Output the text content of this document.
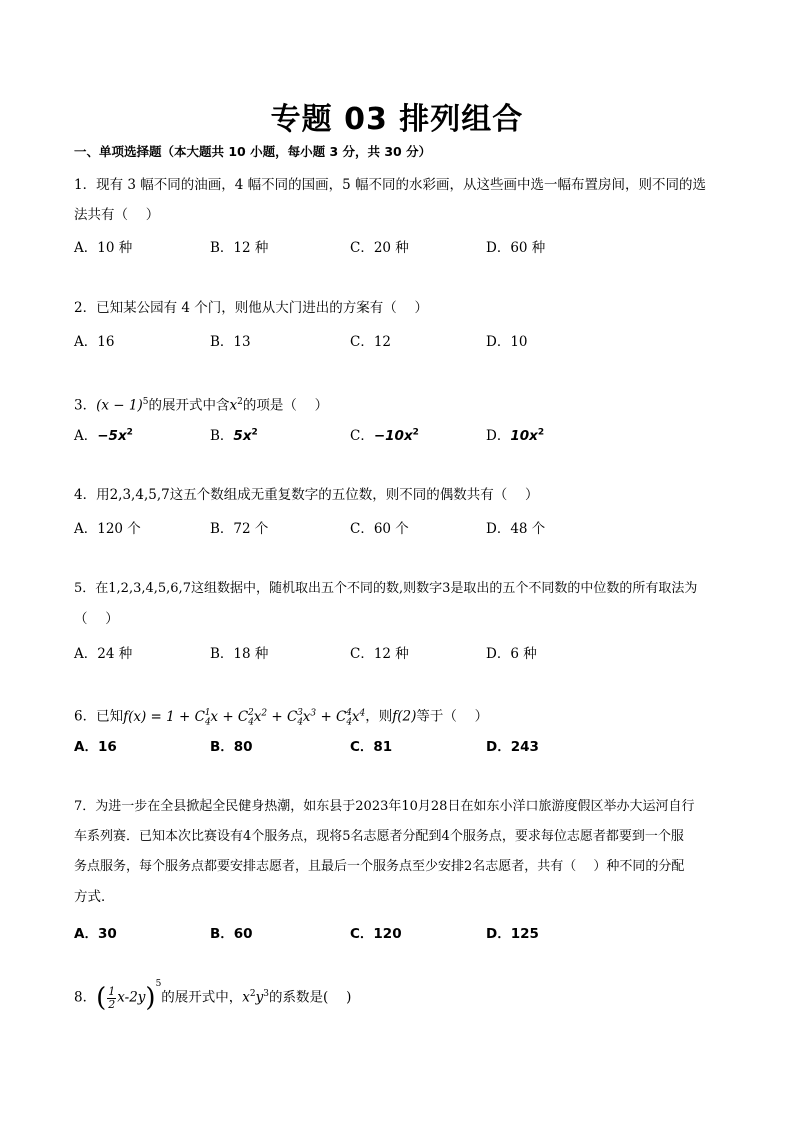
专题 03 排列组合
一、单项选择题（本大题共 10 小题，每小题 3 分，共 30 分）
1．现有 3 幅不同的油画，4 幅不同的国画，5 幅不同的水彩画，从这些画中选一幅布置房间，则不同的选
法共有（　 ）
A．10 种	B．12 种	C．20 种	D．60 种
2．已知某公园有 4 个门，则他从大门进出的方案有（　 ）
A．16	B．13	C．12	D．10
3．$(x - 1)^5$的展开式中含$x^2$的项是（　 ）
A．$-5x^2$	B．$5x^2$	C．$-10x^2$	D．$10x^2$
4．用2,3,4,5,7这五个数组成无重复数字的五位数，则不同的偶数共有（　 ）
A．120 个	B．72 个	C．60 个	D．48 个
5．在1,2,3,4,5,6,7这组数据中，随机取出五个不同的数,则数字3是取出的五个不同数的中位数的所有取法为
（　 ）
A．24 种	B．18 种	C．12 种	D．6 种
6．已知$f(x) = 1 + C_4^1x + C_4^2x^2 + C_4^3x^3 + C_4^4x^4$，则f(2)等于（　 ）
A．16	B．80	C．81	D．243
7．为进一步在全县掀起全民健身热潮，如东县于2023年10月28日在如东小洋口旅游度假区举办大运河自行
车系列赛．已知本次比赛设有4个服务点，现将5名志愿者分配到4个服务点，要求每位志愿者都要到一个服
务点服务，每个服务点都要安排志愿者，且最后一个服务点至少安排2名志愿者，共有（　 ）种不同的分配
方式．
A．30	B．60	C．120	D．125
8．( $\frac{1}{2} x-2y)^5$的展开式中，$x^2y^3$的系数是(　 )
